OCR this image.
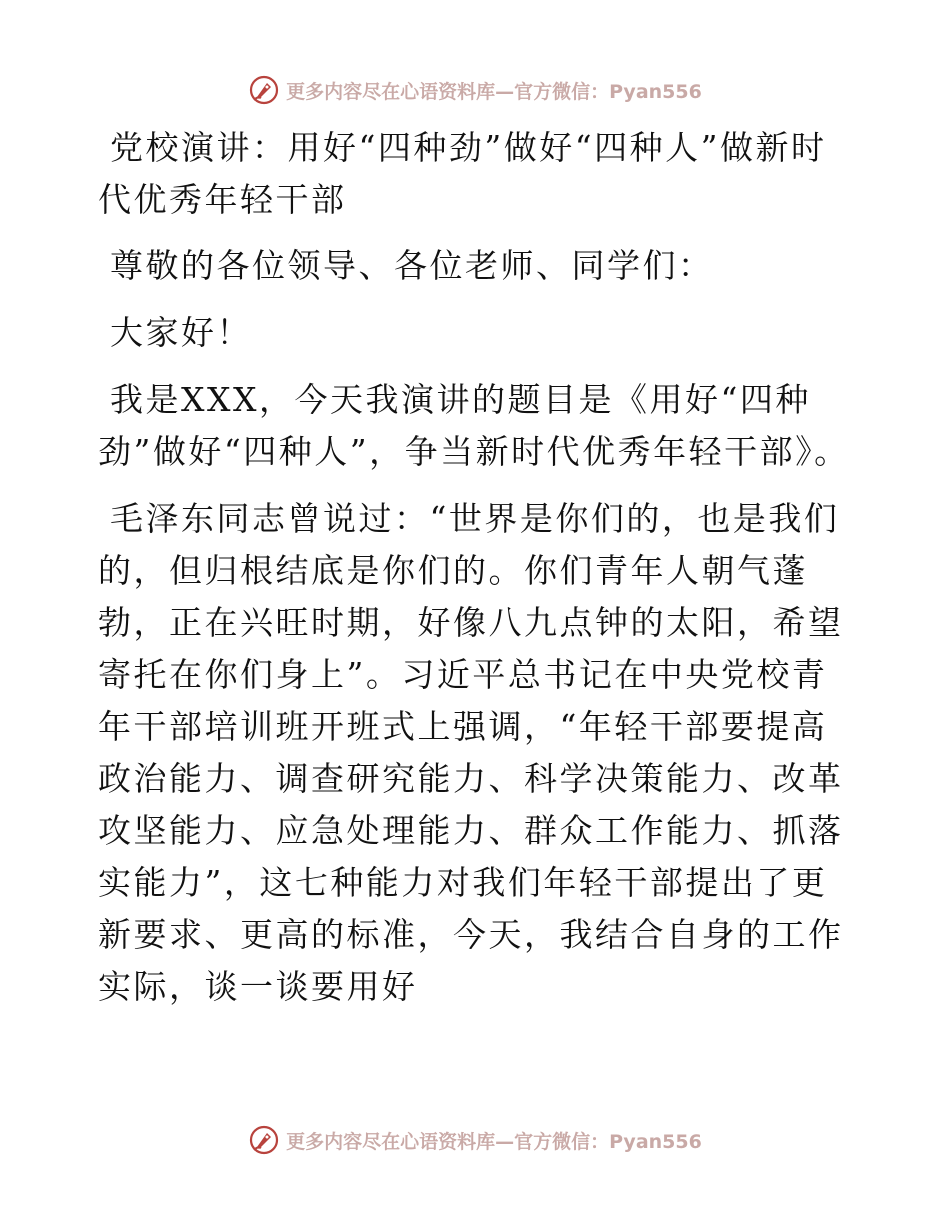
更多内容尽在心语资料库—官方微信：Pyan556

党校演讲：用好“四种劲”做好“四种人”做新时代优秀年轻干部

尊敬的各位领导、各位老师、同学们：

大家好！

我是XXX，今天我演讲的题目是《用好“四种劲”做好“四种人”，争当新时代优秀年轻干部》。

毛泽东同志曾说过：“世界是你们的，也是我们的，但归根结底是你们的。你们青年人朝气蓬勃，正在兴旺时期，好像八九点钟的太阳，希望寄托在你们身上”。习近平总书记在中央党校青年干部培训班开班式上强调，“年轻干部要提高政治能力、调查研究能力、科学决策能力、改革攻坚能力、应急处理能力、群众工作能力、抓落实能力”，这七种能力对我们年轻干部提出了更新要求、更高的标准，今天，我结合自身的工作实际，谈一谈要用好

更多内容尽在心语资料库—官方微信：Pyan556
